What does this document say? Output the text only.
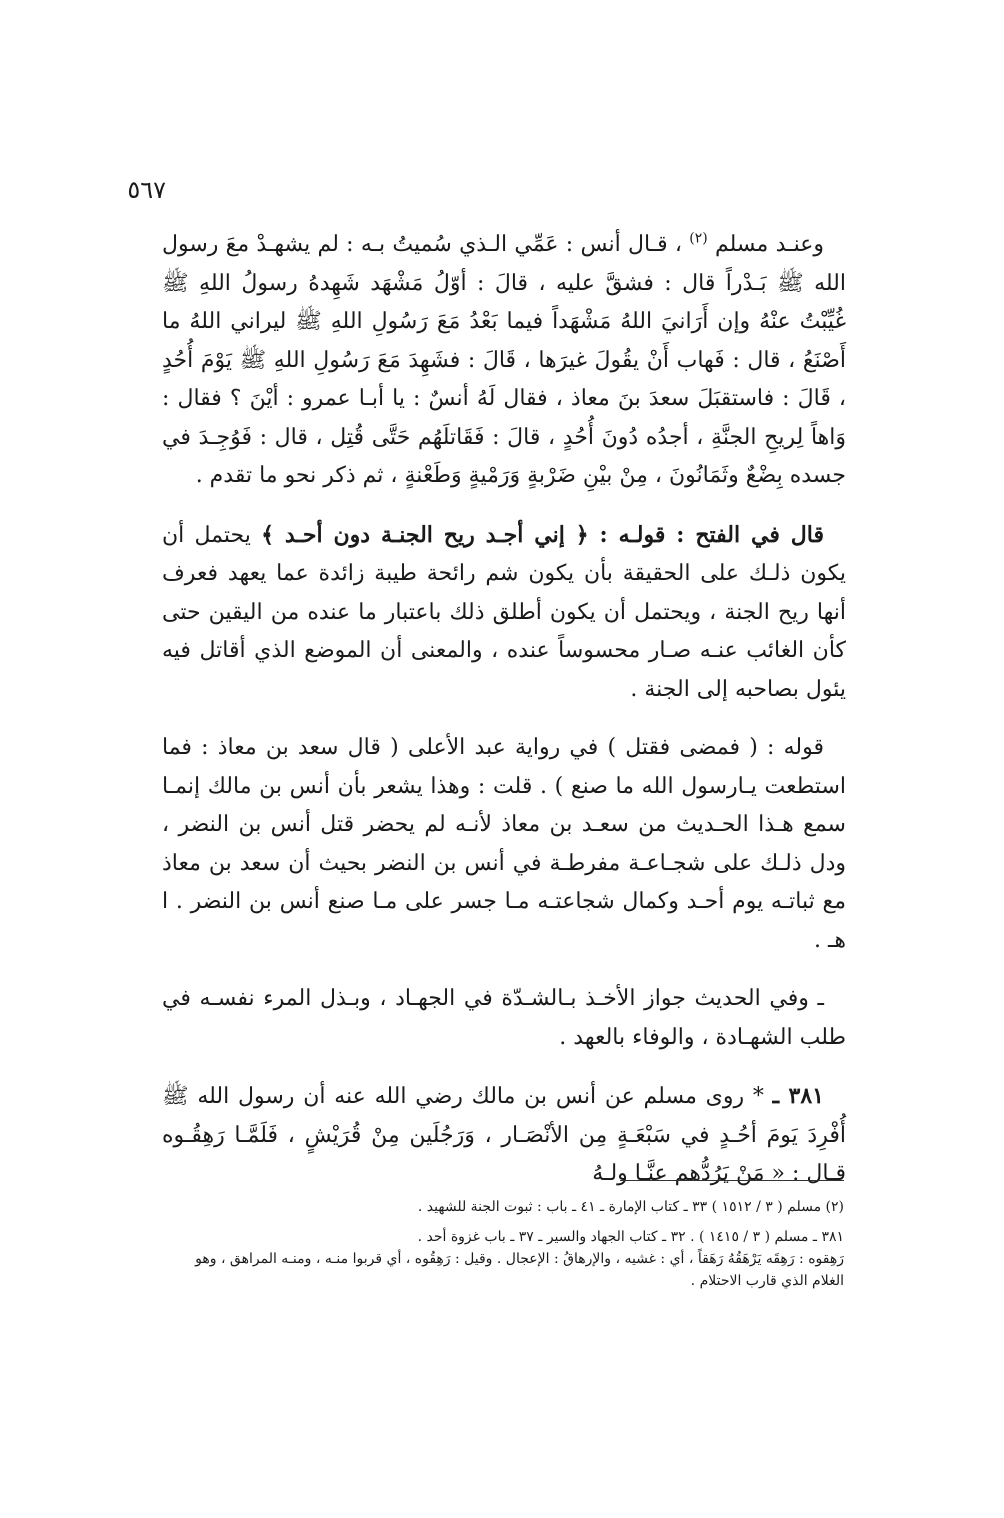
٥٦٧

وعنـد مسلم $^{(٢)}$ ، قـال أنس : عَمِّي الـذي سُميتُ بـه : لم يشهـدْ معَ رسول الله ﷺ بَـدْراً قال : فشقَّ عليه ، قالَ : أوّلُ مَشْهَد شَهِدهُ رسولُ اللهِ ﷺ غُيِّبْتُ عنْهُ وإن أَرَانيَ اللهُ مَشْهَداً فيما بَعْدُ مَعَ رَسُولِ اللهِ ﷺ ليراني اللهُ ما أَصْنَعُ ، قال : فَهاب أَنْ يقُولَ غيرَها ، قَالَ : فشَهِدَ مَعَ رَسُولِ اللهِ ﷺ يَوْمَ أُحُدٍ ، قَالَ : فاستقبَلَ سعدَ بنَ معاذ ، فقال لَهُ أنسٌ : يا أبـا عمرو : أيْنَ ؟ فقال : وَاهاً لِريحِ الجنَّةِ ، أجدُه دُونَ أُحُدٍ ، قالَ : فَقَاتلَهُم حَتَّى قُتِل ، قال : فَوُجِـدَ في جسده بِضْعٌ وثَمَانُونَ ، مِنْ بيْنِ ضَرْبةٍ وَرَمْيةٍ وَطَعْنةٍ ، ثم ذكر نحو ما تقدم .

قال في الفتح : قولـه : ﴿ إني أجـد ريح الجنـة دون أحـد ﴾ يحتمل أن يكون ذلـك على الحقيقة بأن يكون شم رائحة طيبة زائدة عما يعهد فعرف أنها ريح الجنة ، ويحتمل أن يكون أطلق ذلك باعتبار ما عنده من اليقين حتى كأن الغائب عنـه صـار محسوساً عنده ، والمعنى أن الموضع الذي أقاتل فيه يئول بصاحبه إلى الجنة .

قوله : ( فمضى فقتل ) في رواية عبد الأعلى ( قال سعد بن معاذ : فما استطعت يـارسول الله ما صنع ) . قلت : وهذا يشعر بأن أنس بن مالك إنمـا سمع هـذا الحـديث من سعـد بن معاذ لأنـه لم يحضر قتل أنس بن النضر ، ودل ذلـك على شجـاعـة مفرطـة في أنس بن النضر بحيث أن سعد بن معاذ مع ثباتـه يوم أحـد وكمال شجاعتـه مـا جسر على مـا صنع أنس بن النضر . ا هـ .

ـ وفي الحديث جواز الأخـذ بـالشـدّة في الجهـاد ، وبـذل المرء نفسـه في طلب الشهـادة ، والوفاء بالعهد .

٣٨١ ـ * روى مسلم عن أنس بن مالك رضي الله عنه أن رسول الله ﷺ أُفْرِدَ يَومَ أحُـدٍ في سَبْعَـةٍ مِن الأنْصَـار ، وَرَجُلَين مِنْ قُرَيْشٍ ، فَلَمَّـا رَهِقُـوه قـال : « مَنْ يَرُدُّهم عنَّـا ولـهُ

(٢) مسلم ( ٣ / ١٥١٢ ) ٣٣ ـ كتاب الإمارة ـ ٤١ ـ باب : ثبوت الجنة للشهيد .

٣٨١ ـ مسلم ( ٣ / ١٤١٥ ) . ٣٢ ـ كتاب الجهاد والسير ـ ٣٧ ـ باب غزوة أحد .

رَهِقوه : رَهِقَه يَرْهَقُهُ رَهَقاً ، أي : غشيه ، والإرهاقُ : الإعجال . وقيل : رَهِقُوه ، أي قربوا منـه ، ومنـه المراهق ، وهو الغلام الذي قارب الاحتلام .
